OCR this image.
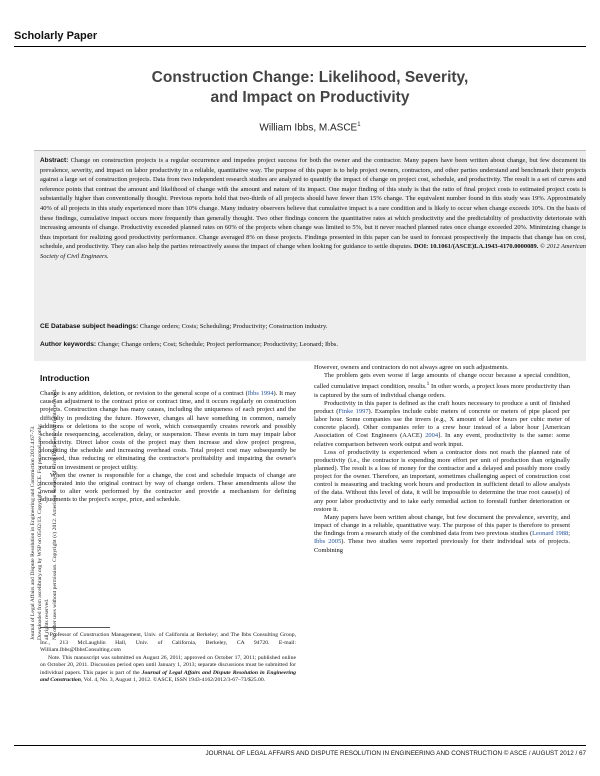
Scholarly Paper
Construction Change: Likelihood, Severity,
and Impact on Productivity
William Ibbs, M.ASCE$^1$
Abstract: Change on construction projects is a regular occurrence and impedes project success for both the owner and the contractor. Many papers have been written about change, but few document its prevalence, severity, and impact on labor productivity in a reliable, quantitative way. The purpose of this paper is to help project owners, contractors, and other parties understand and benchmark their projects against a large set of construction projects. Data from two independent research studies are analyzed to quantify the impact of change on project cost, schedule, and productivity. The result is a set of curves and reference points that contrast the amount and likelihood of change with the amount and nature of its impact. One major finding of this study is that the ratio of final project costs to estimated project costs is substantially higher than conventionally thought. Previous reports hold that two-thirds of all projects should have fewer than 15% change. The equivalent number found in this study was 19%. Approximately 40% of all projects in this study experienced more than 10% change. Many industry observers believe that cumulative impact is a rare condition and is likely to occur when change exceeds 10%. On the basis of these findings, cumulative impact occurs more frequently than generally thought. Two other findings concern the quantitative rates at which productivity and the predictability of productivity deteriorate with increasing amounts of change. Productivity exceeded planned rates on 60% of the projects when change was limited to 5%, but it never reached planned rates once change exceeded 20%. Minimizing change is thus important for realizing good productivity performance. Change averaged 8% on these projects. Findings presented in this paper can be used to forecast prospectively the impacts that change has on cost, schedule, and productivity. They can also help the parties retroactively assess the impact of change when looking for guidance to settle disputes. DOI: 10.1061/(ASCE)LA.1943-4170.0000089. © 2012 American Society of Civil Engineers.
CE Database subject headings: Change orders; Costs; Scheduling; Productivity; Construction industry.
Author keywords: Change; Change orders; Cost; Schedule; Project performance; Productivity; Leonard; Ibbs.
Journal of Legal Affairs and Dispute Resolution in Engineering and Construction 2012.4:67-73. Downloaded from ascelibrary.org by WSP on 05/02/13. Copyright ASCE. For personal use only; all rights reserved. No other uses without permission. Copyright (c) 2012. American Society of Civil Engineers. All rights reserved.
Introduction

Change is any addition, deletion, or revision to the general scope of a contract (Ibbs 1994). It may cause an adjustment to the contract price or contract time, and it occurs regularly on construction projects. Construction change has many causes, including the uniqueness of each project and the difficulty in predicting the future. However, changes all have something in common, namely additions or deletions to the scope of work, which consequently creates rework and possibly schedule resequencing, acceleration, delay, or suspension. These events in turn may impair labor productivity. Direct labor costs of the project may then increase and slow project progress, elongating the schedule and increasing overhead costs. Total project cost may subsequently be increased, thus reducing or eliminating the contractor's profitability and impairing the owner's return on investment or project utility.

When the owner is responsible for a change, the cost and schedule impacts of change are incorporated into the original contract by way of change orders. These amendments allow the owner to alter work performed by the contractor and provide a mechanism for defining adjustments to the project's scope, price, and schedule.

However, owners and contractors do not always agree on such adjustments.

The problem gets even worse if large amounts of change occur because a special condition, called cumulative impact condition, results.$^1$ In other words, a project loses more productivity than is captured by the sum of individual change orders.

Productivity in this paper is defined as the craft hours necessary to produce a unit of finished product (Finke 1997). Examples include cubic meters of concrete or meters of pipe placed per labor hour. Some companies use the invers (e.g., X amount of labor hours per cubic meter of concrete placed). Other companies refer to a crew hour instead of a labor hour [American Association of Cost Engineers (AACE) 2004]. In any event, productivity is the same: some relative comparison between work output and work input.

Loss of productivity is experienced when a contractor does not reach the planned rate of productivity (i.e., the contractor is expending more effort per unit of production than originally planned). The result is a loss of money for the contractor and a delayed and possibly more costly project for the owner. Therefore, an important, sometimes challenging aspect of construction cost control is measuring and tracking work hours and production in sufficient detail to allow analysis of the data. Without this level of data, it will be impossible to determine the true root cause(s) of any poor labor productivity and to take early remedial action to forestall further deterioration or restore it.

Many papers have been written about change, but few document the prevalence, severity, and impact of change in a reliable, quantitative way. The purpose of this paper is therefore to present the findings from a research study of the combined data from two previous studies (Leonard 1988; Ibbs 2005). These two studies were reported previously for their individual sets of projects. Combining

¹Professor of Construction Management, Univ. of California at Berkeley; and The Ibbs Consulting Group, Inc., 213 McLaughlin Hall, Univ. of California, Berkeley, CA 94720. E-mail: William.Ibbs@IbbsConsulting.com

Note. This manuscript was submitted on August 26, 2011; approved on October 17, 2011; published online on October 20, 2011. Discussion period open until January 1, 2013; separate discussions must be submitted for individual papers. This paper is part of the Journal of Legal Affairs and Dispute Resolution in Engineering and Construction, Vol. 4, No. 3, August 1, 2012. ©ASCE, ISSN 1943-4162/2012/3-67–73/$25.00.

JOURNAL OF LEGAL AFFAIRS AND DISPUTE RESOLUTION IN ENGINEERING AND CONSTRUCTION © ASCE / AUGUST 2012 / 67
